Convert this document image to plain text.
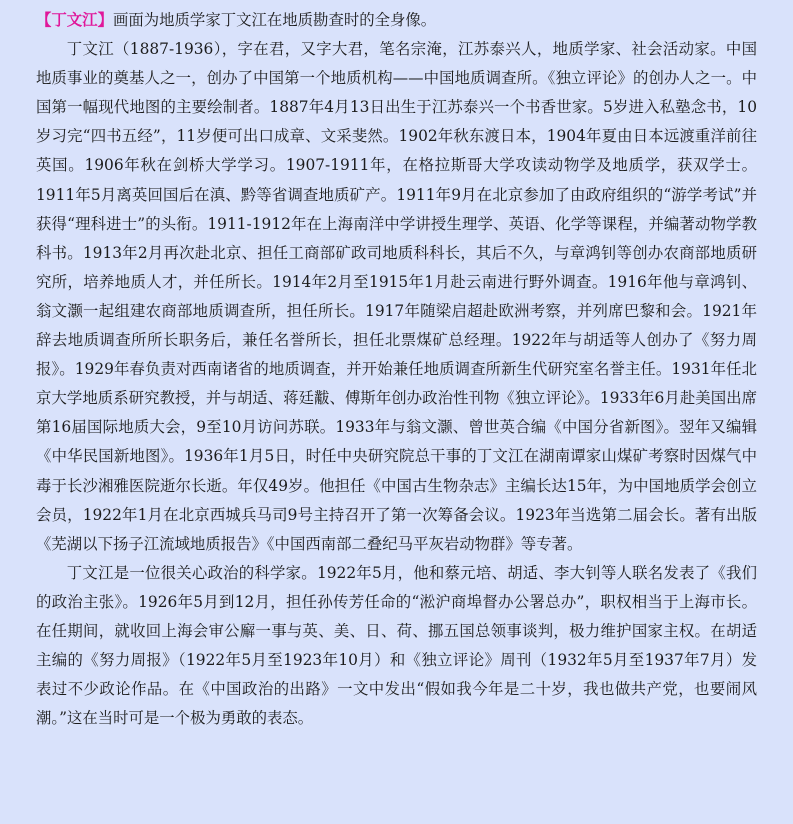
【丁文江】画面为地质学家丁文江在地质勘查时的全身像。

丁文江（1887-1936），字在君，又字大君，笔名宗淹，江苏泰兴人，地质学家、社会活动家。中国地质事业的奠基人之一，创办了中国第一个地质机构——中国地质调查所。《独立评论》的创办人之一。中国第一幅现代地图的主要绘制者。1887年4月13日出生于江苏泰兴一个书香世家。5岁进入私塾念书，10岁习完“四书五经”，11岁便可出口成章、文采斐然。1902年秋东渡日本，1904年夏由日本远渡重洋前往英国。1906年秋在剑桥大学学习。1907-1911年，在格拉斯哥大学攻读动物学及地质学，获双学士。1911年5月离英回国后在滇、黔等省调查地质矿产。1911年9月在北京参加了由政府组织的“游学考试”并获得“理科进士”的头衔。1911-1912年在上海南洋中学讲授生理学、英语、化学等课程，并编著动物学教科书。1913年2月再次赴北京、担任工商部矿政司地质科科长，其后不久，与章鸿钊等创办农商部地质研究所，培养地质人才，并任所长。1914年2月至1915年1月赴云南进行野外调查。1916年他与章鸿钊、翁文灏一起组建农商部地质调查所，担任所长。1917年随梁启超赴欧洲考察，并列席巴黎和会。1921年辞去地质调查所所长职务后，兼任名誉所长，担任北票煤矿总经理。1922年与胡适等人创办了《努力周报》。1929年春负责对西南诸省的地质调查，并开始兼任地质调查所新生代研究室名誉主任。1931年任北京大学地质系研究教授，并与胡适、蒋廷黻、傅斯年创办政治性刊物《独立评论》。1933年6月赴美国出席第16届国际地质大会，9至10月访问苏联。1933年与翁文灏、曾世英合编《中国分省新图》。翌年又编辑《中华民国新地图》。1936年1月5日，时任中央研究院总干事的丁文江在湖南谭家山煤矿考察时因煤气中毒于长沙湘雅医院逝尔长逝。年仅49岁。他担任《中国古生物杂志》主编长达15年，为中国地质学会创立会员，1922年1月在北京西城兵马司9号主持召开了第一次筹备会议。1923年当选第二届会长。著有出版《芜湖以下扬子江流域地质报告》《中国西南部二叠纪马平灰岩动物群》等专著。

丁文江是一位很关心政治的科学家。1922年5月，他和蔡元培、胡适、李大钊等人联名发表了《我们的政治主张》。1926年5月到12月，担任孙传芳任命的“淞沪商埠督办公署总办”，职权相当于上海市长。在任期间，就收回上海会审公廨一事与英、美、日、荷、挪五国总领事谈判，极力维护国家主权。在胡适主编的《努力周报》（1922年5月至1923年10月）和《独立评论》周刊（1932年5月至1937年7月）发表过不少政论作品。在《中国政治的出路》一文中发出“假如我今年是二十岁，我也做共产党，也要闹风潮。”这在当时可是一个极为勇敢的表态。
